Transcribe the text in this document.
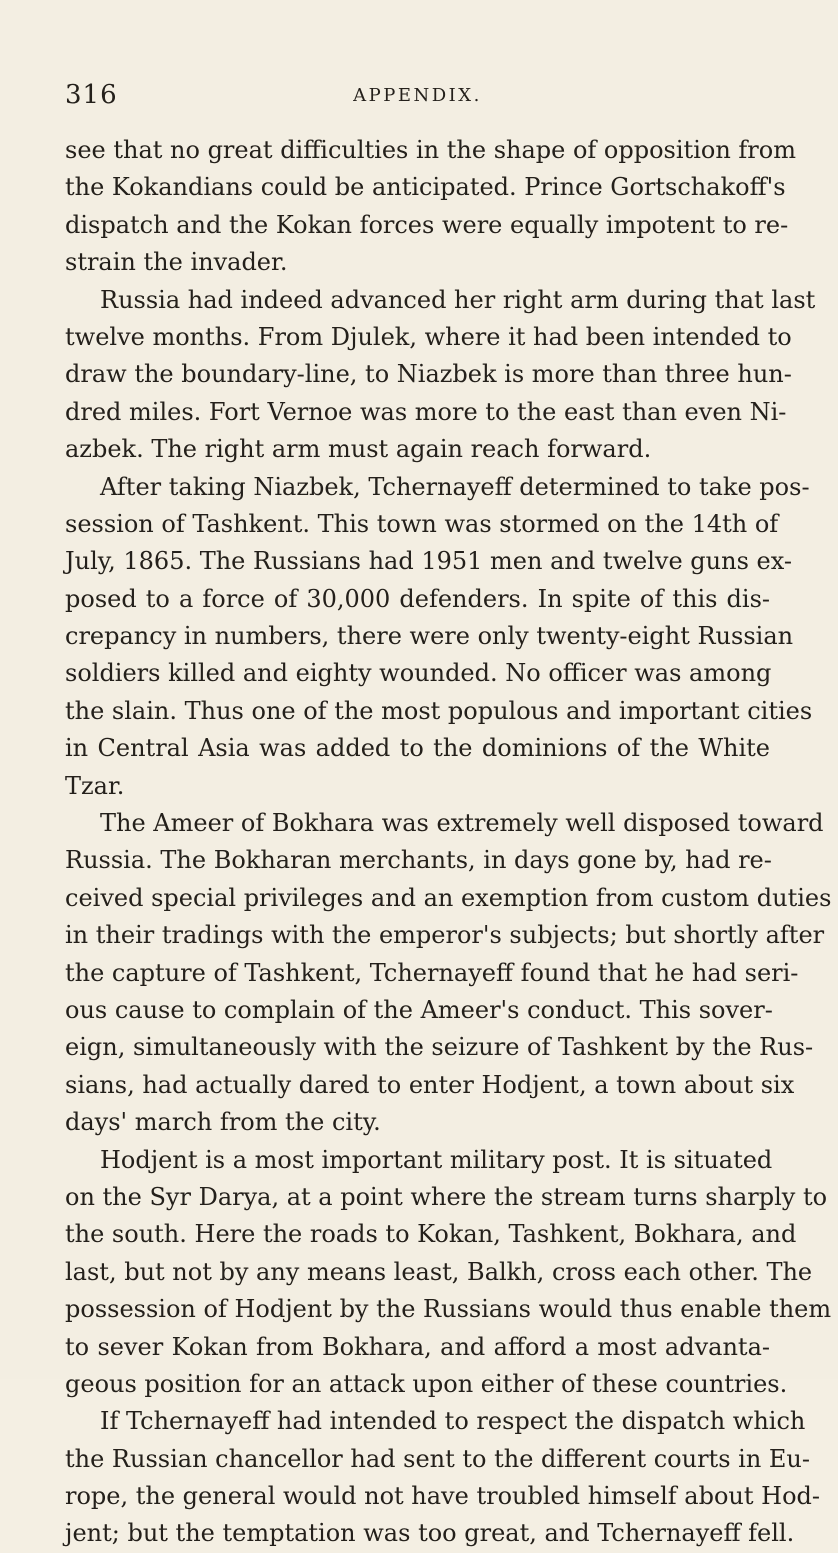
316	APPENDIX.
see that no great difficulties in the shape of opposition from
the Kokandians could be anticipated. Prince Gortschakoff's
dispatch and the Kokan forces were equally impotent to re-
strain the invader.
Russia had indeed advanced her right arm during that last
twelve months. From Djulek, where it had been intended to
draw the boundary-line, to Niazbek is more than three hun-
dred miles. Fort Vernoe was more to the east than even Ni-
azbek. The right arm must again reach forward.
After taking Niazbek, Tchernayeff determined to take pos-
session of Tashkent. This town was stormed on the 14th of
July, 1865. The Russians had 1951 men and twelve guns ex-
posed to a force of 30,000 defenders. In spite of this dis-
crepancy in numbers, there were only twenty-eight Russian
soldiers killed and eighty wounded. No officer was among
the slain. Thus one of the most populous and important cities
in Central Asia was added to the dominions of the White
Tzar.
The Ameer of Bokhara was extremely well disposed toward
Russia. The Bokharan merchants, in days gone by, had re-
ceived special privileges and an exemption from custom duties
in their tradings with the emperor's subjects; but shortly after
the capture of Tashkent, Tchernayeff found that he had seri-
ous cause to complain of the Ameer's conduct. This sover-
eign, simultaneously with the seizure of Tashkent by the Rus-
sians, had actually dared to enter Hodjent, a town about six
days' march from the city.
Hodjent is a most important military post. It is situated
on the Syr Darya, at a point where the stream turns sharply to
the south. Here the roads to Kokan, Tashkent, Bokhara, and
last, but not by any means least, Balkh, cross each other. The
possession of Hodjent by the Russians would thus enable them
to sever Kokan from Bokhara, and afford a most advanta-
geous position for an attack upon either of these countries.
If Tchernayeff had intended to respect the dispatch which
the Russian chancellor had sent to the different courts in Eu-
rope, the general would not have troubled himself about Hod-
jent; but the temptation was too great, and Tchernayeff fell.
